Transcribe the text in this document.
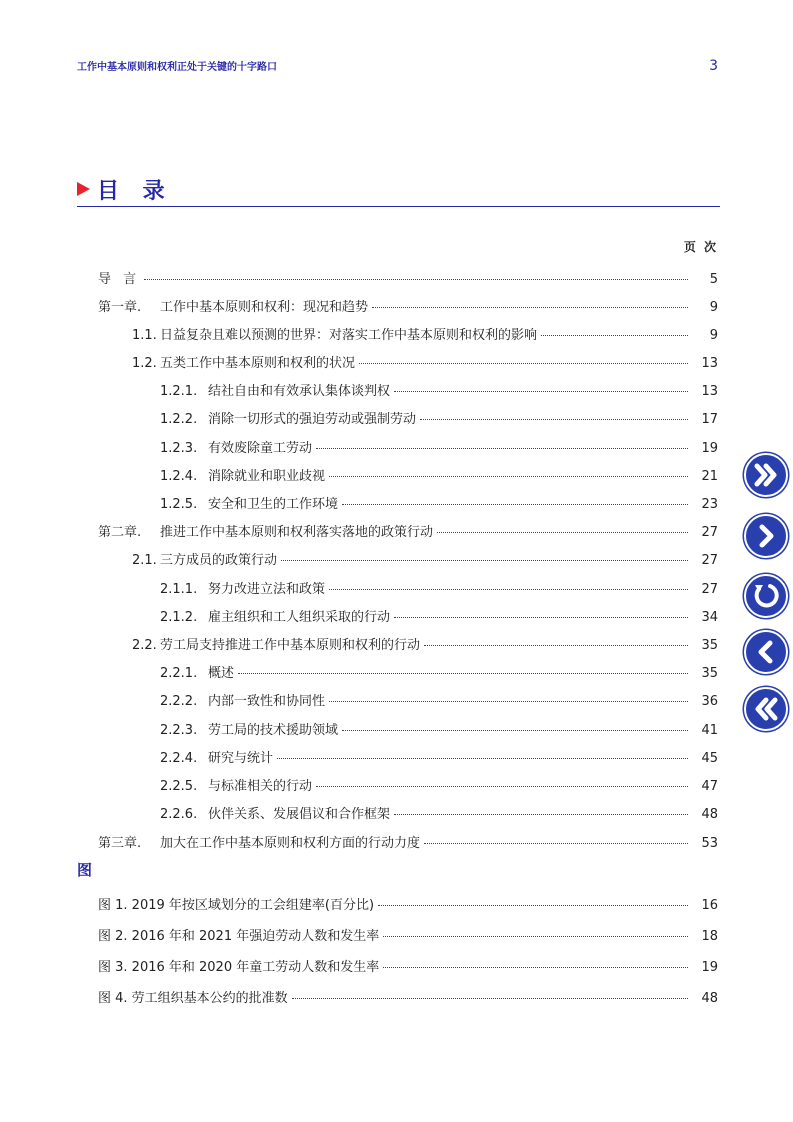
工作中基本原则和权利正处于关键的十字路口	3
目 录
页 次
导 言	5
第一章.	工作中基本原则和权利：现况和趋势	9
1.1. 日益复杂且难以预测的世界：对落实工作中基本原则和权利的影响	9
1.2. 五类工作中基本原则和权利的状况	13
1.2.1. 结社自由和有效承认集体谈判权	13
1.2.2. 消除一切形式的强迫劳动或强制劳动	17
1.2.3. 有效废除童工劳动	19
1.2.4. 消除就业和职业歧视	21
1.2.5. 安全和卫生的工作环境	23
第二章.	推进工作中基本原则和权利落实落地的政策行动	27
2.1. 三方成员的政策行动	27
2.1.1. 努力改进立法和政策	27
2.1.2. 雇主组织和工人组织采取的行动	34
2.2. 劳工局支持推进工作中基本原则和权利的行动	35
2.2.1. 概述	35
2.2.2. 内部一致性和协同性	36
2.2.3. 劳工局的技术援助领域	41
2.2.4. 研究与统计	45
2.2.5. 与标准相关的行动	47
2.2.6. 伙伴关系、发展倡议和合作框架	48
第三章.	加大在工作中基本原则和权利方面的行动力度	53
图
图 1. 2019 年按区域划分的工会组建率(百分比)	16
图 2. 2016 年和 2021 年强迫劳动人数和发生率	18
图 3. 2016 年和 2020 年童工劳动人数和发生率	19
图 4. 劳工组织基本公约的批准数	48
